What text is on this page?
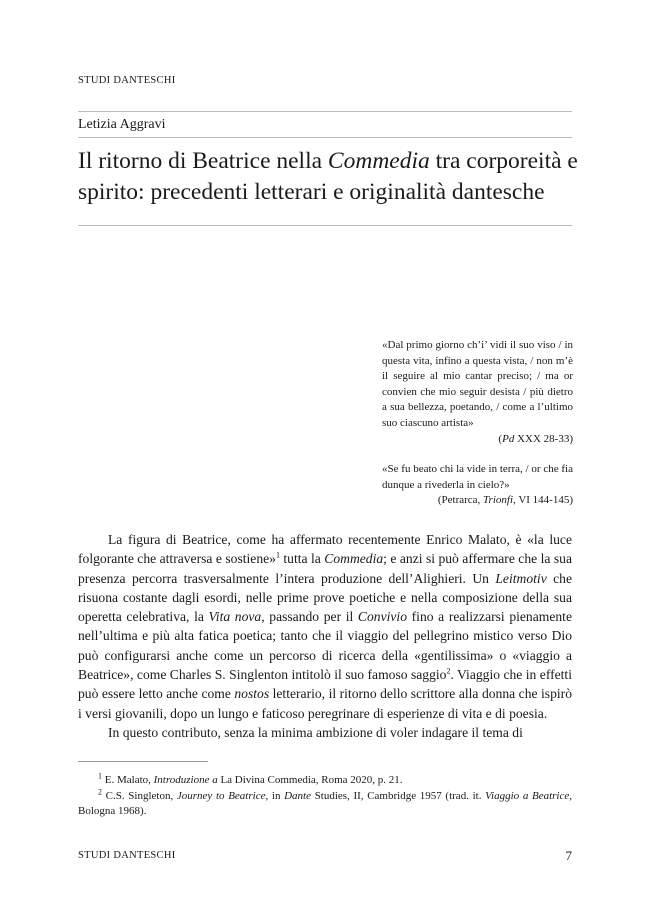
STUDI DANTESCHI
Letizia Aggravi
Il ritorno di Beatrice nella Commedia tra corporeità e spirito: precedenti letterari e originalità dantesche
«Dal primo giorno ch’i’ vidi il suo viso / in questa vita, infino a questa vista, / non m’è il seguire al mio cantar preciso; / ma or convien che mio seguir desista / più dietro a sua bellezza, poetando, / come a l’ultimo suo ciascuno artista»
(Pd XXX 28-33)
«Se fu beato chi la vide in terra, / or che fia dunque a rivederla in cielo?»
(Petrarca, Trionfi, VI 144-145)

La figura di Beatrice, come ha affermato recentemente Enrico Malato, è «la luce folgorante che attraversa e sostiene»$^1$ tutta la Commedia; e anzi si può affermare che la sua presenza percorra trasversalmente l’intera produzione dell’Alighieri. Un Leitmotiv che risuona costante dagli esordi, nelle prime prove poetiche e nella composizione della sua operetta celebrativa, la Vita nova, passando per il Convivio fino a realizzarsi pienamente nell’ultima e più alta fatica poetica; tanto che il viaggio del pellegrino mistico verso Dio può configurarsi anche come un percorso di ricerca della «gentilissima» o «viaggio a Beatrice», come Charles S. Singlenton intitolò il suo famoso saggio$^2$. Viaggio che in effetti può essere letto anche come nostos letterario, il ritorno dello scrittore alla donna che ispirò i versi giovanili, dopo un lungo e faticoso peregrinare di esperienze di vita e di poesia.

In questo contributo, senza la minima ambizione di voler indagare il tema di

$^1$ E. Malato, Introduzione a La Divina Commedia, Roma 2020, p. 21.

$^2$ C.S. Singleton, Journey to Beatrice, in Dante Studies, II, Cambridge 1957 (trad. it. Viaggio a Beatrice, Bologna 1968).

STUDI DANTESCHI	7
